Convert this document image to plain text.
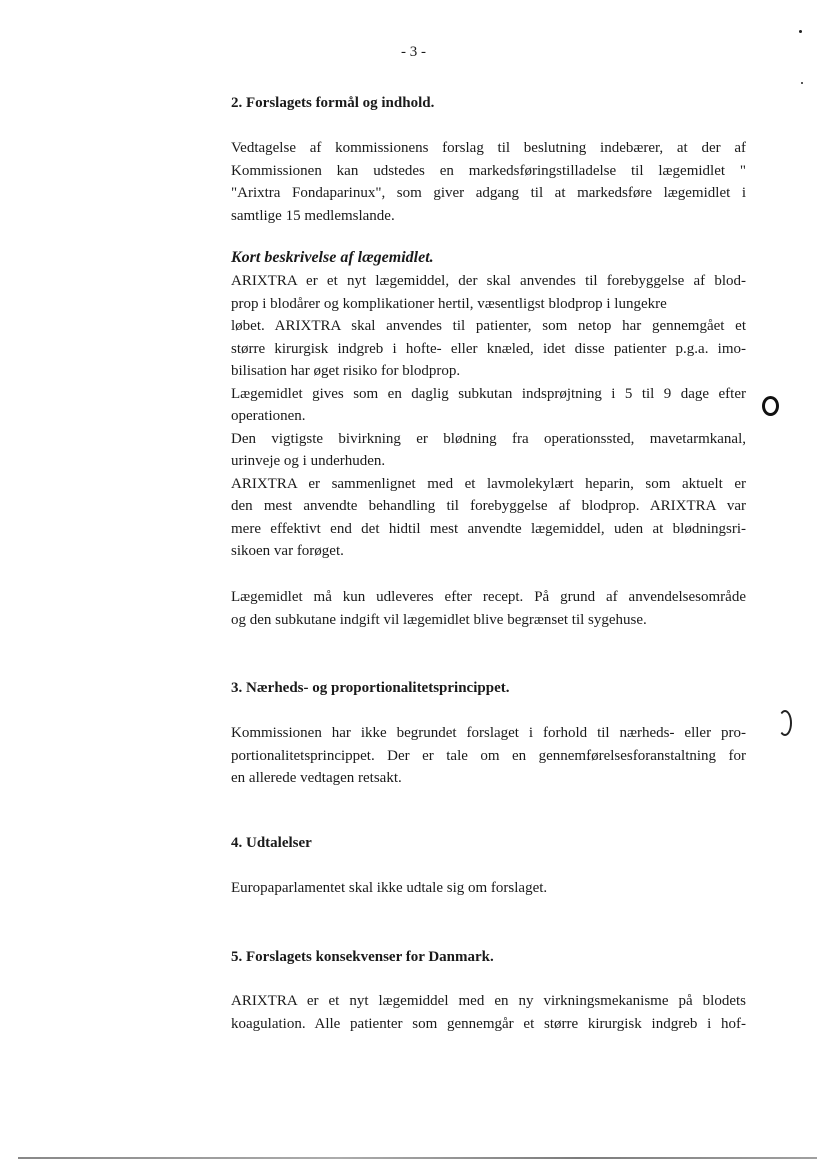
- 3 -
2. Forslagets formål og indhold.

Vedtagelse af kommissionens forslag til beslutning indebærer, at der af

Kommissionen kan udstedes en markedsføringstilladelse til lægemidlet "

"Arixtra Fondaparinux", som giver adgang til at markedsføre lægemidlet i

samtlige 15 medlemslande.

Kort beskrivelse af lægemidlet.

ARIXTRA er et nyt lægemiddel, der skal anvendes til forebyggelse af blod-

prop i blodårer og komplikationer hertil, væsentligst blodprop i lungekre

løbet. ARIXTRA skal anvendes til patienter, som netop har gennemgået et

større kirurgisk indgreb i hofte- eller knæled, idet disse patienter p.g.a. imo-

bilisation har øget risiko for blodprop.

Lægemidlet gives som en daglig subkutan indsprøjtning i 5 til 9 dage efter

operationen.

Den vigtigste bivirkning er blødning fra operationssted, mavetarmkanal,

urinveje og i underhuden.

ARIXTRA er sammenlignet med et lavmolekylært heparin, som aktuelt er

den mest anvendte behandling til forebyggelse af blodprop. ARIXTRA var

mere effektivt end det hidtil mest anvendte lægemiddel, uden at blødningsri-

sikoen var forøget.

Lægemidlet må kun udleveres efter recept. På grund af anvendelsesområde

og den subkutane indgift vil lægemidlet blive begrænset til sygehuse.

3. Nærheds- og proportionalitetsprincippet.

Kommissionen har ikke begrundet forslaget i forhold til nærheds- eller pro-

portionalitetsprincippet. Der er tale om en gennemførelsesforanstaltning for

en allerede vedtagen retsakt.

4. Udtalelser

Europaparlamentet skal ikke udtale sig om forslaget.

5. Forslagets konsekvenser for Danmark.

ARIXTRA er et nyt lægemiddel med en ny virkningsmekanisme på blodets

koagulation. Alle patienter som gennemgår et større kirurgisk indgreb i hof-
